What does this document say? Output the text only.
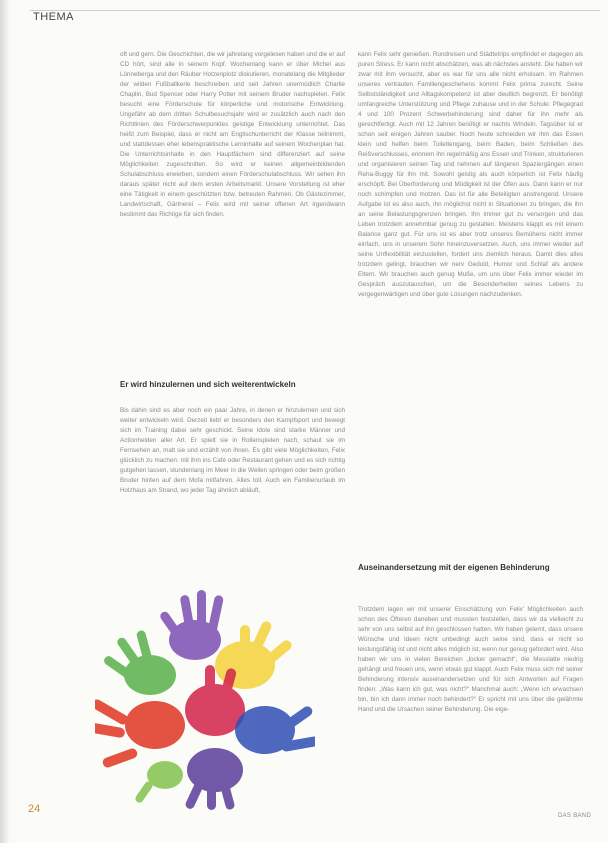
THEMA

oft und gern. Die Geschichten, die wir jahrelang vorgelesen haben und die er auf CD hört, sind alle in seinem Kopf. Wochenlang kann er über Michel aus Lönneberga und den Räuber Hotzenplotz diskutieren, monatelang die Mitglieder der wilden Fußballkerle beschreiben und seit Jahren unermüdlich Charlie Chaplin, Bud Spencer oder Harry Potter mit seinem Bruder nachspielen. Felix besucht eine Förderschule für körperliche und motorische Entwicklung. Ungefähr ab dem dritten Schulbesuchsjahr wird er zusätzlich auch nach den Richtlinien des Förderschwerpunktes geistige Entwicklung unterrichtet. Das heißt zum Beispiel, dass er nicht am Englischunterricht der Klasse teilnimmt, und stattdessen eher lebenspraktische Lerninhalte auf seinem Wochenplan hat. Die Unterrichtsinhalte in den Hauptfächern sind differenziert auf seine Möglichkeiten zugeschnitten. So wird er keinen allgemeinbildenden Schulabschluss erwerben, sondern einen Förderschulabschluss. Wir sehen ihn daraus später nicht auf dem ersten Arbeitsmarkt. Unsere Vorstellung ist eher eine Tätigkeit in einem geschützten bzw. betreuten Rahmen. Ob Gästezimmer, Landwirtschaft, Gärtnerei – Felix wird mit seiner offenen Art irgendwann bestimmt das Richtige für sich finden.

Er wird hinzulernen und sich weiterentwickeln

Bis dahin sind es aber noch ein paar Jahre, in denen er hinzulernen und sich weiter entwickeln wird. Derzeit liebt er besonders den Kampfsport und bewegt sich im Training dabei sehr geschickt. Seine Idole sind starke Männer und Actionhelden aller Art. Er spielt sie in Rollenspielen nach, schaut sie im Fernsehen an, malt sie und erzählt von ihnen. Es gibt viele Möglichkeiten, Felix glücklich zu machen: mit ihm ins Café oder Restaurant gehen und es sich richtig gutgehen lassen, stundenlang im Meer in die Wellen springen oder beim großen Bruder hinten auf dem Mofa mitfahren. Alles toll. Auch ein Familienurlaub im Holzhaus am Strand, wo jeder Tag ähnlich abläuft,

kann Felix sehr genießen. Rundreisen und Städtetrips empfindet er dagegen als puren Stress. Er kann nicht abschätzen, was ab nächstes ansteht. Die haben wir zwar mit ihm versucht, aber es war für uns alle nicht erholsam. Im Rahmen unseres vertrauten Familiengeschehens kommt Felix prima zurecht. Seine Selbstständigkeit und Alltagskompetenz ist aber deutlich begrenzt. Er benötigt umfangreiche Unterstützung und Pflege zuhause und in der Schule: Pflegegrad 4 und 100 Prozent Schwerbehinderung sind daher für ihn mehr als gerechtfertigt. Auch mit 12 Jahren benötigt er nachts Windeln. Tagsüber ist er schon seit einigen Jahren sauber. Noch heute schneiden wir ihm das Essen klein und helfen beim Toilettengang, beim Baden, beim Schließen des Reißverschlusses, erinnern ihn regelmäßig ans Essen und Trinken, strukturieren und organisieren seinen Tag und nehmen auf längeren Spaziergängen einen Reha-Buggy für ihn mit. Sowohl geistig als auch körperlich ist Felix häufig erschöpft. Bei Überforderung und Müdigkeit ist der Ofen aus. Dann kann er nur noch schimpfen und motzen. Das ist für alle Beteiligten anstrengend. Unsere Aufgabe ist es also auch, ihn möglichst nicht in Situationen zu bringen, die ihn an seine Belastungsgrenzen bringen. Ihn immer gut zu versorgen und das Leben trotzdem annehmbar genug zu gestalten. Meistens klappt es mit einem Balance ganz gut. Für uns ist es aber trotz unseres Bemühens nicht immer einfach, uns in unserem Sohn hineinzuversetzen. Auch, uns immer wieder auf seine Unflexibilität einzustellen, fordert uns ziemlich heraus. Damit dies alles trotzdem gelingt, brauchen wir nerv Geduld, Humor und Schlaf als andere Eltern. Wir brauchen auch genug Muße, um uns über Felix immer wieder im Gespräch auszutauschen, um die Besonderheiten seines Lebens zu vergegenwärtigen und über gute Lösungen nachzudenken.

Auseinandersetzung mit der eigenen Behinderung

Trotzdem lagen wir mit unserer Einschätzung von Felix' Möglichkeiten auch schon des Öfteren daneben und mussten feststellen, dass wir da vielleicht zu sehr von uns selbst auf ihn geschlossen hatten. Wir haben gelernt, dass unsere Wünsche und Ideen nicht unbedingt auch seine sind, dass er nicht so leistungsfähig ist und nicht alles möglich ist, wenn nur genug gefordert wird. Also haben wir uns in vielen Bereichen „locker gemacht“, die Messlatte niedrig gehängt und freuen uns, wenn etwas gut klappt. Auch Felix muss sich mit seiner Behinderung intensiv auseinandersetzen und für sich Antworten auf Fragen finden: „Was kann ich gut, was nicht?“ Manchmal auch: „Wenn ich erwachsen bin, bin ich dann immer noch behindert?“ Er spricht mit uns über die gelähmte Hand und die Ursachen seiner Behinderung. Die eige-

24
DAS BAND
